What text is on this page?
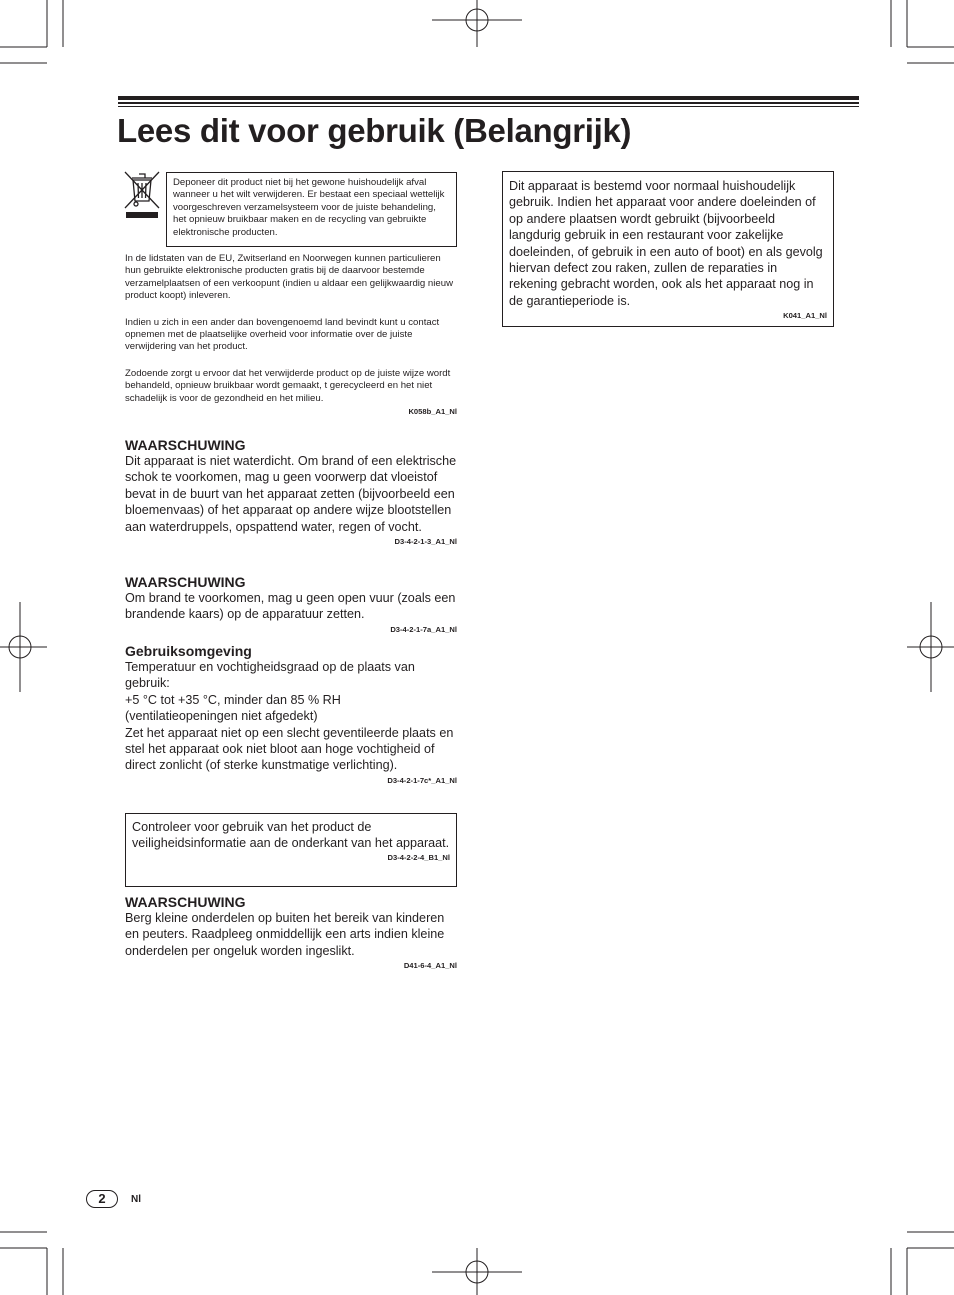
Lees dit voor gebruik (Belangrijk)

Deponeer dit product niet bij het gewone huishoudelijk afval wanneer u het wilt verwijderen. Er bestaat een speciaal wettelijk voorgeschreven verzamelsysteem voor de juiste behandeling, het opnieuw bruikbaar maken en de recycling van gebruikte elektronische producten.

In de lidstaten van de EU, Zwitserland en Noorwegen kunnen particulieren hun gebruikte elektronische producten gratis bij de daarvoor bestemde verzamelplaatsen of een verkoopunt (indien u aldaar een gelijkwaardig nieuw product koopt) inleveren.

Indien u zich in een ander dan bovengenoemd land bevindt kunt u contact opnemen met de plaatselijke overheid voor informatie over de juiste verwijdering van het product.

Zodoende zorgt u ervoor dat het verwijderde product op de juiste wijze wordt behandeld, opnieuw bruikbaar wordt gemaakt, t gerecycleerd en het niet schadelijk is voor de gezondheid en het milieu.

K058b_A1_Nl
WAARSCHUWING

Dit apparaat is niet waterdicht. Om brand of een elektrische schok te voorkomen, mag u geen voorwerp dat vloeistof bevat in de buurt van het apparaat zetten (bijvoorbeeld een bloemenvaas) of het apparaat op andere wijze blootstellen aan waterdruppels, opspattend water, regen of vocht.

D3-4-2-1-3_A1_Nl
WAARSCHUWING

Om brand te voorkomen, mag u geen open vuur (zoals een brandende kaars) op de apparatuur zetten.

D3-4-2-1-7a_A1_Nl
Gebruiksomgeving

Temperatuur en vochtigheidsgraad op de plaats van gebruik:

+5 °C tot +35 °C, minder dan 85 % RH

(ventilatieopeningen niet afgedekt)

Zet het apparaat niet op een slecht geventileerde plaats en stel het apparaat ook niet bloot aan hoge vochtigheid of direct zonlicht (of sterke kunstmatige verlichting).

D3-4-2-1-7c*_A1_Nl

Controleer voor gebruik van het product de veiligheidsinformatie aan de onderkant van het apparaat.

D3-4-2-2-4_B1_Nl
WAARSCHUWING

Berg kleine onderdelen op buiten het bereik van kinderen en peuters. Raadpleeg onmiddellijk een arts indien kleine onderdelen per ongeluk worden ingeslikt.

D41-6-4_A1_Nl

Dit apparaat is bestemd voor normaal huishoudelijk gebruik. Indien het apparaat voor andere doeleinden of op andere plaatsen wordt gebruikt (bijvoorbeeld langdurig gebruik in een restaurant voor zakelijke doeleinden, of gebruik in een auto of boot) en als gevolg hiervan defect zou raken, zullen de reparaties in rekening gebracht worden, ook als het apparaat nog in de garantieperiode is.

K041_A1_Nl
2	Nl
